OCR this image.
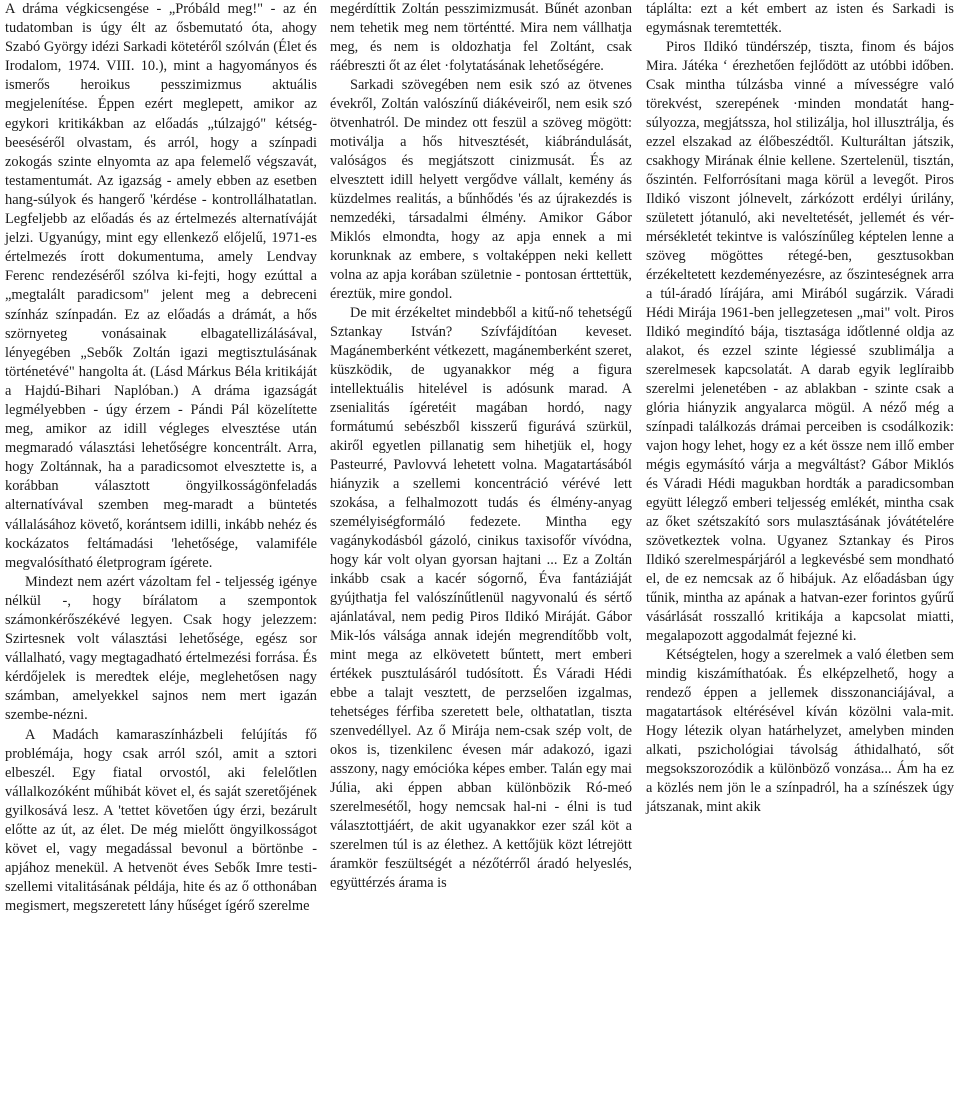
A dráma végkicsengése - „Próbáld meg!" - az én tudatomban is úgy élt az ősbemutató óta, ahogy Szabó György idézi Sarkadi kötetéről szólván (Élet és Irodalom, 1974. VIII. 10.), mint a hagyományos és ismerős heroikus pesszimizmus aktuális megjelenítése. Éppen ezért meglepett, amikor az egykori kritikákban az előadás „túlzajgó" kétség-beeséséről olvastam, és arról, hogy a színpadi zokogás szinte elnyomta az apa felemelő végszavát, testamentumát. Az igazság - amely ebben az esetben hang-súlyok és hangerő 'kérdése - kontrollálhatatlan. Legfeljebb az előadás és az értelmezés alternatíváját jelzi. Ugyanúgy, mint egy ellenkező előjelű, 1971-es értelmezés írott dokumentuma, amely Lendvay Ferenc rendezéséről szólva ki-fejti, hogy ezúttal a „megtalált paradicsom" jelent meg a debreceni színház színpadán. Ez az előadás a drámát, a hős szörnyeteg vonásainak elbagatellizálásával, lényegében „Sebők Zoltán igazi megtisztulásának történetévé" hangolta át. (Lásd Márkus Béla kritikáját a Hajdú-Bihari Naplóban.) A dráma igazságát legmélyebben - úgy érzem - Pándi Pál közelítette meg, amikor az idill végleges elvesztése után megmaradó választási lehetőségre koncentrált. Arra, hogy Zoltánnak, ha a paradicsomot elvesztette is, a korábban választott öngyilkosságönfeladás alternatívával szemben meg-maradt a büntetés vállalásához követő, korántsem idilli, inkább nehéz és kockázatos feltámadási 'lehetősége, valamiféle megvalósítható életprogram ígérete.

Mindezt nem azért vázoltam fel - teljesség igénye nélkül -, hogy bírálatom a szempontok számonkérőszékévé legyen. Csak hogy jelezzem: Szirtesnek volt választási lehetősége, egész sor vállalható, vagy megtagadható értelmezési forrása. És kérdőjelek is meredtek eléje, meglehetősen nagy számban, amelyekkel sajnos nem mert igazán szembe-nézni.

A Madách kamaraszínházbeli felújítás fő problémája, hogy csak arról szól, amit a sztori elbeszél. Egy fiatal orvostól, aki felelőtlen vállalkozóként műhibát követ el, és saját szeretőjének gyilkosává lesz. A 'tettet követően úgy érzi, bezárult előtte az út, az élet. De még mielőtt öngyilkosságot követ el, vagy megadással bevonul a börtönbe - apjához menekül. A hetvenöt éves Sebők Imre testi-szellemi vitalitásának példája, hite és az ő otthonában megismert, megszeretett lány hűséget ígérő szerelme

megérdíttik Zoltán pesszimizmusát. Bűnét azonban nem tehetik meg nem történtté. Mira nem vállhatja meg, és nem is oldozhatja fel Zoltánt, csak ráébreszti őt az élet ·folytatásának lehetőségére.

Sarkadi szövegében nem esik szó az ötvenes évekről, Zoltán valószínű diákéveiről, nem esik szó ötvenhatról. De mindez ott feszül a szöveg mögött: motiválja a hős hitvesztését, kiábrándulását, valóságos és megjátszott cinizmusát. És az elvesztett idill helyett vergődve vállalt, kemény ás küzdelmes realitás, a bűnhődés 'és az újrakezdés is nemzedéki, társadalmi élmény. Amikor Gábor Miklós elmondta, hogy az apja ennek a mi korunknak az embere, s voltaképpen neki kellett volna az apja korában születnie - pontosan érttettük, éreztük, mire gondol.

De mit érzékeltet mindebből a kitű-nő tehetségű Sztankay István? Szívfájdítóan keveset. Magánemberként vétkezett, magánemberként szeret, küszködik, de ugyanakkor még a figura intellektuális hitelével is adósunk marad. A zsenialitás ígéretéit magában hordó, nagy formátumú sebészből kisszerű figurává szürkül, akiről egyetlen pillanatig sem hihetjük el, hogy Pasteurré, Pavlovvá lehetett volna. Magatartásából hiányzik a szellemi koncentráció vérévé lett szokása, a felhalmozott tudás és élmény-anyag személyiségformáló fedezete. Mintha egy vagánykodásból gázoló, cinikus taxisofőr vívódna, hogy kár volt olyan gyorsan hajtani ... Ez a Zoltán inkább csak a kacér sógornő, Éva fantáziáját gyújthatja fel valószínűtlenül nagyvonalú és sértő ajánlatával, nem pedig Piros Ildikó Miráját. Gábor Mik-lós válsága annak idején megrendítőbb volt, mint mega az elkövetett bűntett, mert emberi értékek pusztulásáról tudósított. És Váradi Hédi ebbe a talajt vesztett, de perzselően izgalmas, tehetséges férfiba szeretett bele, olthatatlan, tiszta szenvedéllyel. Az ő Mirája nem-csak szép volt, de okos is, tizenkilenc évesen már adakozó, igazi asszony, nagy emócióka képes ember. Talán egy mai Júlia, aki éppen abban különbözik Ró-meó szerelmesétől, hogy nemcsak hal-ni - élni is tud választottjáért, de akit ugyanakkor ezer szál köt a szerelmen túl is az élethez. A kettőjük közt létrejött áramkör feszültségét a nézőtérről áradó helyeslés, együttérzés árama is

táplálta: ezt a két embert az isten és Sarkadi is egymásnak teremtették.

Piros Ildikó tündérszép, tiszta, finom és bájos Mira. Játéka ʻ érezhetően fejlődött az utóbbi időben. Csak mintha túlzásba vinné a mívességre való törekvést, szerepének ·minden mondatát hang-súlyozza, megjátssza, hol stilizálja, hol illusztrálja, és ezzel elszakad az élőbeszédtől. Kulturáltan játszik, csakhogy Mirának élnie kellene. Szertelenül, tisztán, őszintén. Felforrósítani maga körül a levegőt. Piros Ildikó viszont jólnevelt, zárkózott erdélyi úrilány, született jótanuló, aki neveltetését, jellemét és vér-mérsékletét tekintve is valószínűleg képtelen lenne a szöveg mögöttes rétegé-ben, gesztusokban érzékeltetett kezdeményezésre, az őszinteségnek arra a túl-áradó lírájára, ami Mirából sugárzik. Váradi Hédi Mirája 1961-ben jellegzetesen „mai" volt. Piros Ildikó megindító bája, tisztasága időtlenné oldja az alakot, és ezzel szinte légiessé szublimálja a szerelmesek kapcsolatát. A darab egyik leglíraibb szerelmi jelenetében - az ablakban - szinte csak a glória hiányzik angyalarca mögül. A néző még a színpadi találkozás drámai perceiben is csodálkozik: vajon hogy lehet, hogy ez a két össze nem illő ember mégis egymásító várja a megváltást? Gábor Miklós és Váradi Hédi magukban hordták a paradicsomban együtt lélegző emberi teljesség emlékét, mintha csak az őket szétszakító sors mulasztásának jóvátételére szövetkeztek volna. Ugyanez Sztankay és Piros Ildikó szerelmespárjáról a legkevésbé sem mondható el, de ez nemcsak az ő hibájuk. Az előadásban úgy tűnik, mintha az apának a hatvan-ezer forintos gyűrű vásárlását rosszalló kritikája a kapcsolat miatti, megalapozott aggodalmát fejezné ki.

Kétségtelen, hogy a szerelmek a való életben sem mindig kiszámíthatóak. És elképzelhető, hogy a rendező éppen a jellemek disszonanciájával, a magatartások eltérésével kíván közölni vala-mit. Hogy létezik olyan határhelyzet, amelyben minden alkati, pszichológiai távolság áthidalható, sőt megsokszorozódik a különböző vonzása... Ám ha ez a közlés nem jön le a színpadról, ha a színészek úgy játszanak, mint akik
